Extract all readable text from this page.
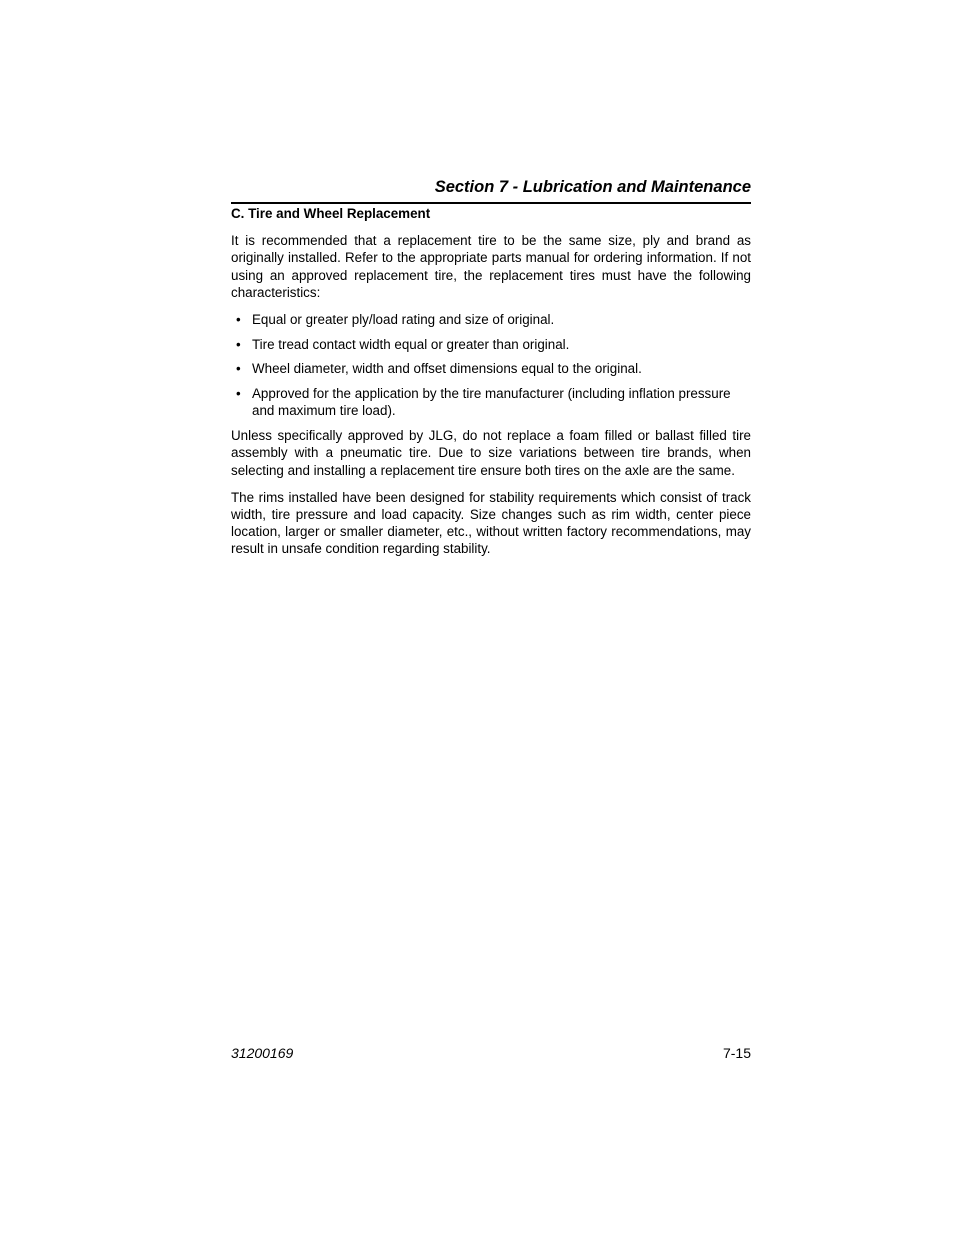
Section 7 - Lubrication and Maintenance
C. Tire and Wheel Replacement

It is recommended that a replacement tire to be the same size, ply and brand as originally installed. Refer to the appropriate parts manual for ordering information. If not using an approved replacement tire, the replacement tires must have the following characteristics:

• Equal or greater ply/load rating and size of original.
• Tire tread contact width equal or greater than original.
• Wheel diameter, width and offset dimensions equal to the original.
• Approved for the application by the tire manufacturer (including inflation pressure and maximum tire load).

Unless specifically approved by JLG, do not replace a foam filled or ballast filled tire assembly with a pneumatic tire. Due to size variations between tire brands, when selecting and installing a replacement tire ensure both tires on the axle are the same.

The rims installed have been designed for stability requirements which consist of track width, tire pressure and load capacity. Size changes such as rim width, center piece location, larger or smaller diameter, etc., without written factory recommendations, may result in unsafe condition regarding stability.

31200169	7-15
